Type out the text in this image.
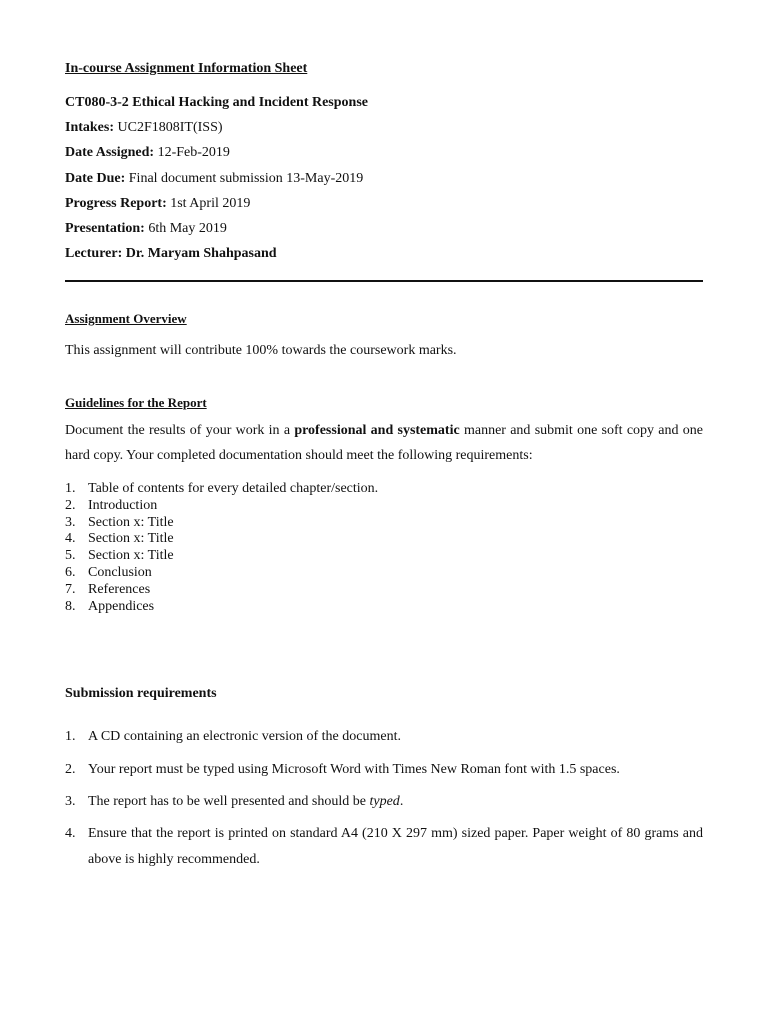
In-course Assignment Information Sheet
CT080-3-2 Ethical Hacking and Incident Response
Intakes: UC2F1808IT(ISS)
Date Assigned: 12-Feb-2019
Date Due: Final document submission 13-May-2019
Progress Report: 1st April 2019
Presentation: 6th May 2019
Lecturer: Dr. Maryam Shahpasand
Assignment Overview
This assignment will contribute 100% towards the coursework marks.
Guidelines for the Report
Document the results of your work in a professional and systematic manner and submit one soft copy and one hard copy. Your completed documentation should meet the following requirements:
1. Table of contents for every detailed chapter/section.
2. Introduction
3. Section x: Title
4. Section x: Title
5. Section x: Title
6. Conclusion
7. References
8. Appendices
Submission requirements
1. A CD containing an electronic version of the document.
2. Your report must be typed using Microsoft Word with Times New Roman font with 1.5 spaces.
3. The report has to be well presented and should be typed.
4. Ensure that the report is printed on standard A4 (210 X 297 mm) sized paper. Paper weight of 80 grams and above is highly recommended.
